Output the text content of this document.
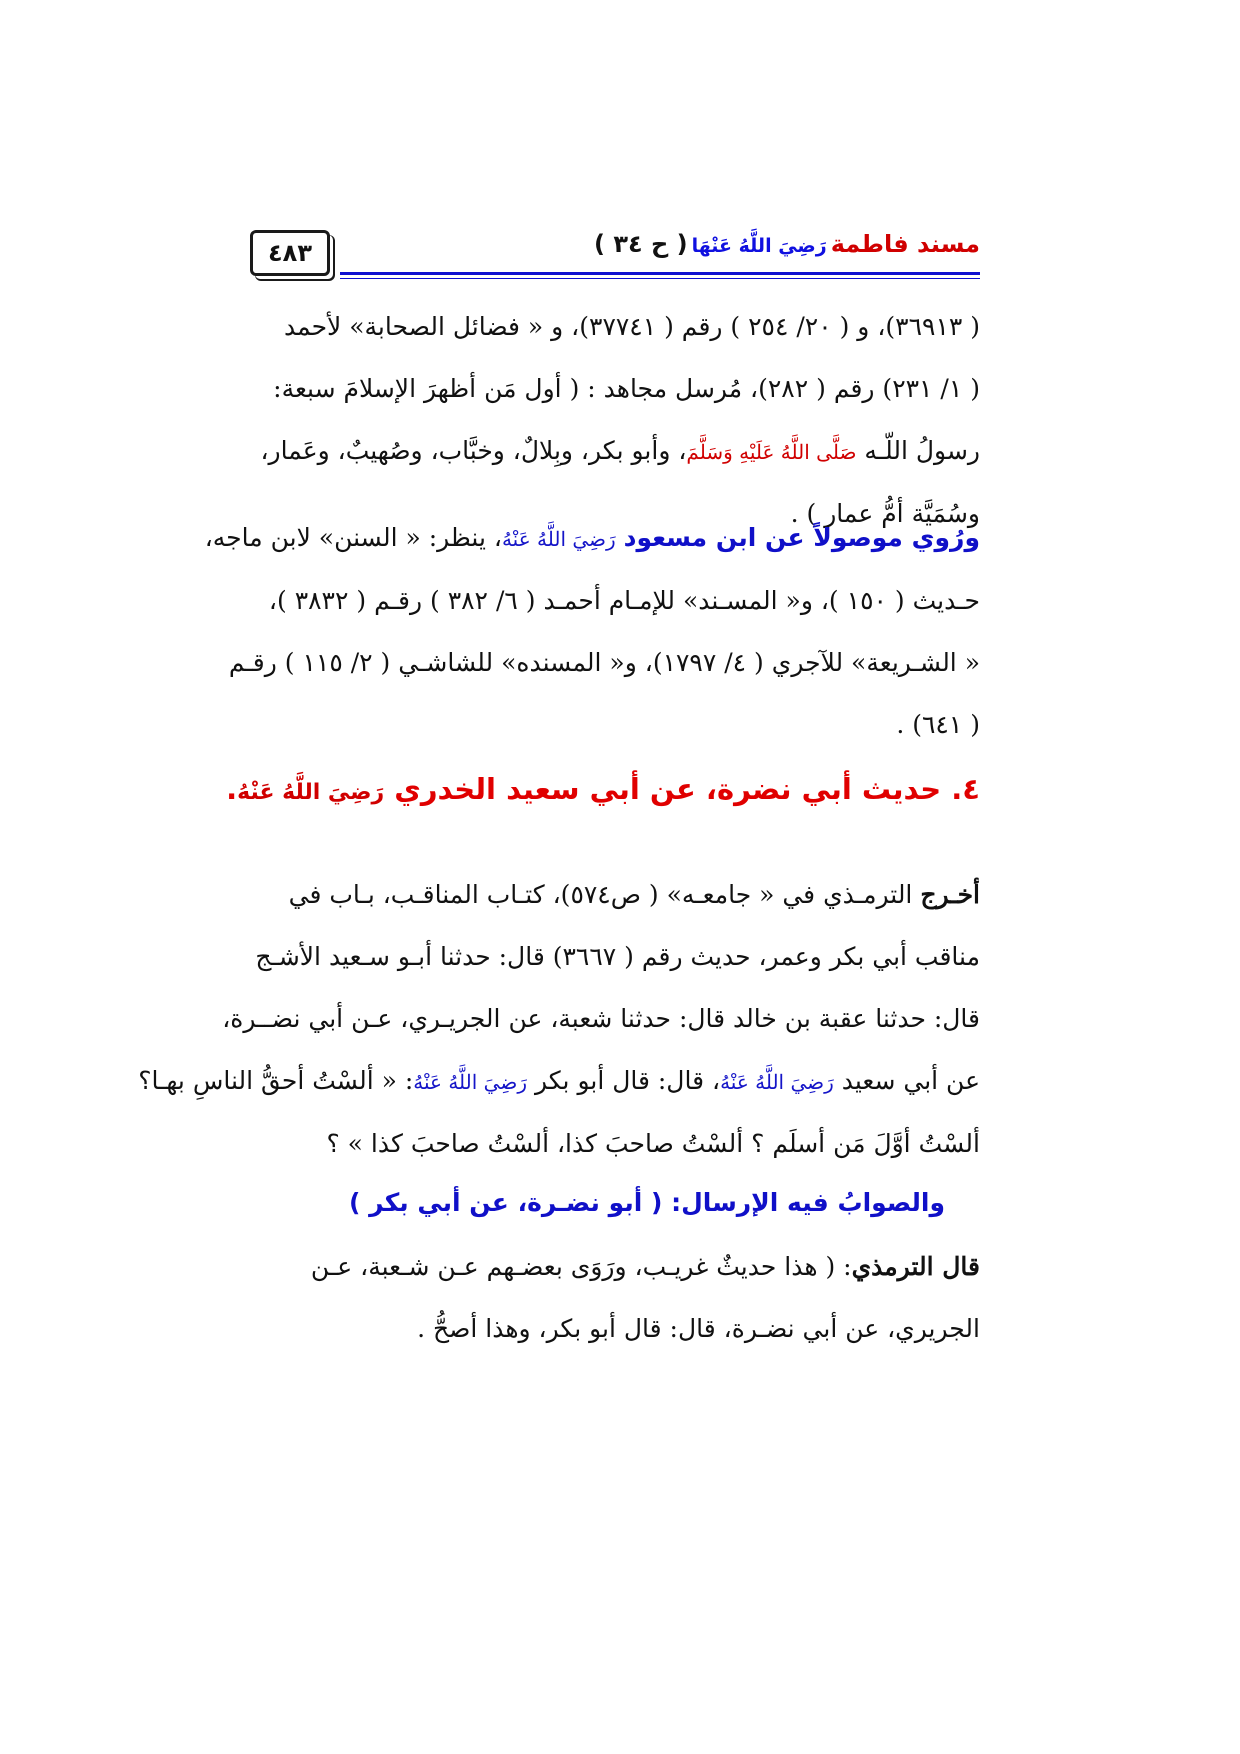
٤٨٣	مسند فاطمةرَضِيَ اللَّهُ عَنْهَا( ح ٣٤ )
( ٣٦٩١٣)، و ( ٢٠/ ٢٥٤ ) رقم ( ٣٧٧٤١)، و « فضائل الصحابة» لأحمد
( ١/ ٢٣١) رقم ( ٢٨٢)، مُرسل مجاهد : ( أول مَن أظهرَ الإسلامَ سبعة:
رسولُ اللّـه صَلَّى اللَّهُ عَلَيْهِ وَسَلَّمَ، وأبو بكر، وبِلالٌ، وخبَّاب، وصُهيبٌ، وعَمار،
وسُمَيَّة أمُّ عمار ) .
ورُوي موصولاً عن ابن مسعود رَضِيَ اللَّهُ عَنْهُ، ينظر: « السنن» لابن ماجه،
حـديث ( ١٥٠ )، و« المسـند» للإمـام أحمـد ( ٦/ ٣٨٢ ) رقـم ( ٣٨٣٢ )،
« الشـريعة» للآجري ( ٤/ ١٧٩٧)، و« المسنده» للشاشـي ( ٢/ ١١٥ ) رقـم
( ٦٤١) .
٤. حديث أبي نضرة، عن أبي سعيد الخدري رَضِيَ اللَّهُ عَنْهُ.
أخـرج الترمـذي في « جامعـه» ( ص٥٧٤)، كتـاب المناقـب، بـاب في
مناقب أبي بكر وعمر، حديث رقم ( ٣٦٦٧) قال: حدثنا أبـو سـعيد الأشـج
قال: حدثنا عقبة بن خالد قال: حدثنا شعبة، عن الجريـري، عـن أبي نضــرة،
عن أبي سعيد رَضِيَ اللَّهُ عَنْهُ، قال: قال أبو بكر رَضِيَ اللَّهُ عَنْهُ: « ألسْتُ أحقُّ الناسِ بهـا؟
ألسْتُ أوَّلَ مَن أسلَم ؟ ألسْتُ صاحبَ كذا، ألسْتُ صاحبَ كذا » ؟
والصوابُ فيه الإرسال: ( أبو نضـرة، عن أبي بكر )
قال الترمذي: ( هذا حديثٌ غريـب، ورَوَى بعضـهم عـن شـعبة، عـن
الجريري، عن أبي نضـرة، قال: قال أبو بكر، وهذا أصحُّ .
